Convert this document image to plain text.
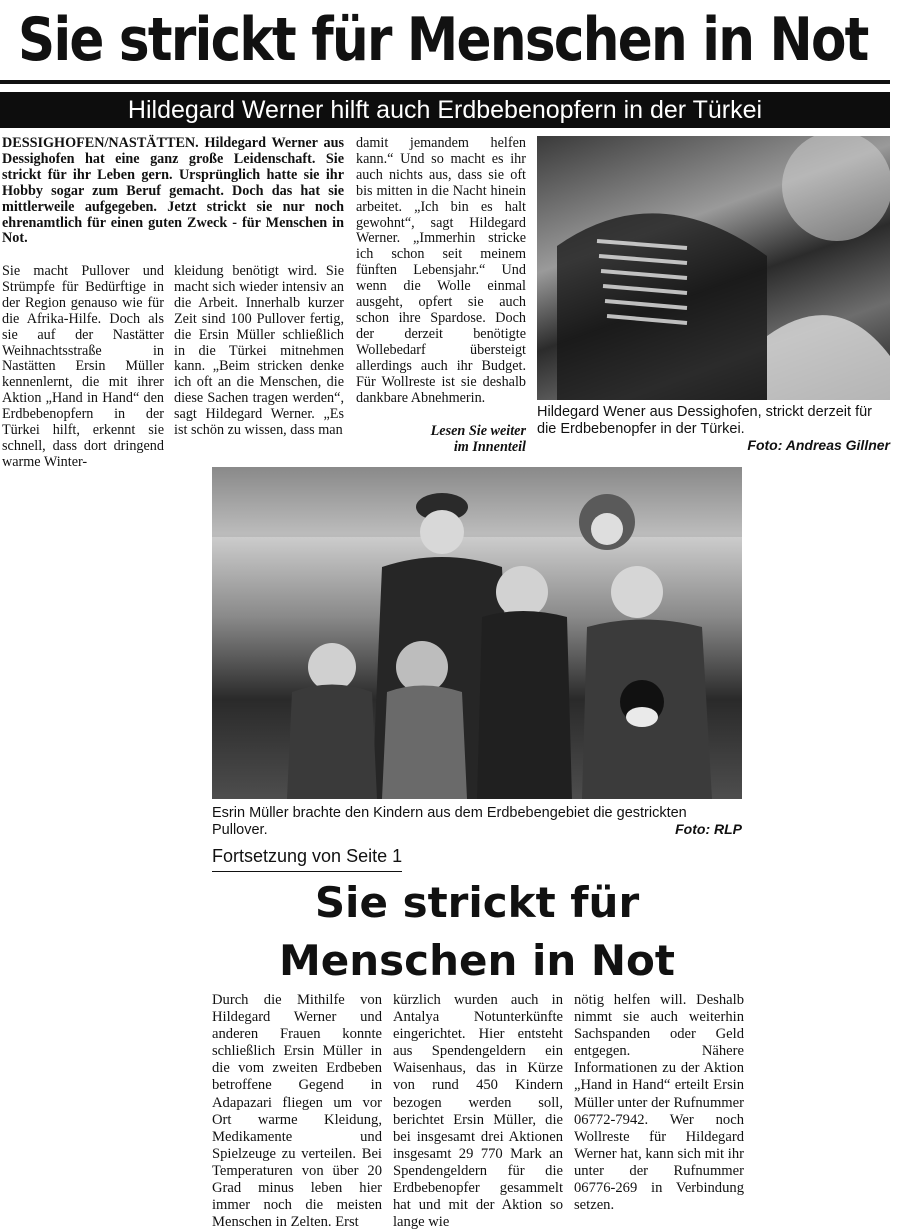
Sie strickt für Menschen in Not
Hildegard Werner hilft auch Erdbebenopfern in der Türkei
DESSIGHOFEN/NASTÄTTEN. Hildegard Werner aus Dessighofen hat eine ganz große Leidenschaft. Sie strickt für ihr Leben gern. Ursprünglich hatte sie ihr Hobby sogar zum Beruf gemacht. Doch das hat sie mittlerweile aufgegeben. Jetzt strickt sie nur noch ehrenamtlich für einen guten Zweck - für Menschen in Not.
Sie macht Pullover und Strümpfe für Bedürftige in der Region genauso wie für die Afrika-Hilfe. Doch als sie auf der Nastätter Weihnachtsstraße in Nastätten Ersin Müller kennenlernt, die mit ihrer Aktion „Hand in Hand“ den Erdbebenopfern in der Türkei hilft, erkennt sie schnell, dass dort dringend warme Winter-
kleidung benötigt wird. Sie macht sich wieder intensiv an die Arbeit. Innerhalb kurzer Zeit sind 100 Pullover fertig, die Ersin Müller schließlich in die Türkei mitnehmen kann. „Beim stricken denke ich oft an die Menschen, die diese Sachen tragen werden“, sagt Hildegard Werner. „Es ist schön zu wissen, dass man
damit jemandem helfen kann.“ Und so macht es ihr auch nichts aus, dass sie oft bis mitten in die Nacht hinein arbeitet. „Ich bin es halt gewohnt“, sagt Hildegard Werner. „Immerhin stricke ich schon seit meinem fünften Lebensjahr.“ Und wenn die Wolle einmal ausgeht, opfert sie auch schon ihre Spardose. Doch der derzeit benötigte Wollebedarf übersteigt allerdings auch ihr Budget. Für Wollreste ist sie deshalb dankbare Abnehmerin.
Lesen Sie weiter
im Innenteil
Hildegard Wener aus Dessighofen, strickt derzeit für die Erdbebenopfer in der Türkei.
Foto: Andreas Gillner
Esrin Müller brachte den Kindern aus dem Erdbebengebiet die gestrickten Pullover.	Foto: RLP
Fortsetzung von Seite 1
Sie strickt für
Menschen in Not
Durch die Mithilfe von Hildegard Werner und anderen Frauen konnte schließlich Ersin Müller in die vom zweiten Erdbeben betroffene Gegend in Adapazari fliegen um vor Ort warme Kleidung, Medikamente und Spielzeuge zu verteilen. Bei Temperaturen von über 20 Grad minus leben hier immer noch die meisten Menschen in Zelten. Erst
kürzlich wurden auch in Antalya Notunterkünfte eingerichtet. Hier entsteht aus Spendengeldern ein Waisenhaus, das in Kürze von rund 450 Kindern bezogen werden soll, berichtet Ersin Müller, die bei insgesamt drei Aktionen insgesamt 29 770 Mark an Spendengeldern für die Erdbebenopfer gesammelt hat und mit der Aktion so lange wie
nötig helfen will. Deshalb nimmt sie auch weiterhin Sachspanden oder Geld entgegen. Nähere Informationen zu der Aktion „Hand in Hand“ erteilt Ersin Müller unter der Rufnummer 06772-7942. Wer noch Wollreste für Hildegard Werner hat, kann sich mit ihr unter der Rufnummer 06776-269 in Verbindung setzen.
